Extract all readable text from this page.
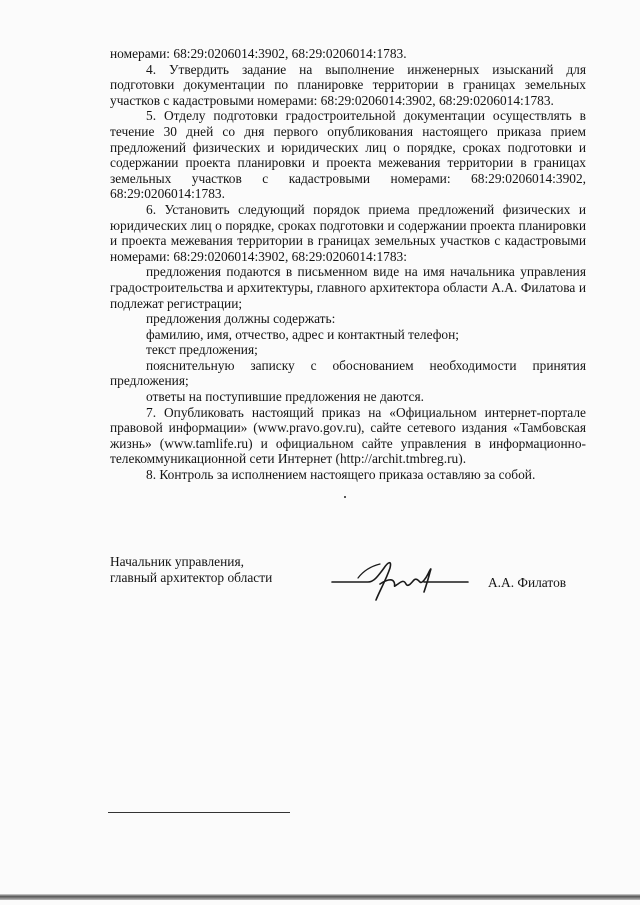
номерами: 68:29:0206014:3902, 68:29:0206014:1783.

4. Утвердить задание на выполнение инженерных изысканий для подготовки документации по планировке территории в границах земельных участков с кадастровыми номерами: 68:29:0206014:3902, 68:29:0206014:1783.

5. Отделу подготовки градостроительной документации осуществлять в течение 30 дней со дня первого опубликования настоящего приказа прием предложений физических и юридических лиц о порядке, сроках подготовки и содержании проекта планировки и проекта межевания территории в границах земельных участков с кадастровыми номерами: 68:29:0206014:3902, 68:29:0206014:1783.

6. Установить следующий порядок приема предложений физических и юридических лиц о порядке, сроках подготовки и содержании проекта планировки и проекта межевания территории в границах земельных участков с кадастровыми номерами: 68:29:0206014:3902, 68:29:0206014:1783:

предложения подаются в письменном виде на имя начальника управления градостроительства и архитектуры, главного архитектора области А.А. Филатова и подлежат регистрации;

предложения должны содержать:

фамилию, имя, отчество, адрес и контактный телефон;

текст предложения;

пояснительную записку с обоснованием необходимости принятия предложения;

ответы на поступившие предложения не даются.

7. Опубликовать настоящий приказ на «Официальном интернет-портале правовой информации» (www.pravo.gov.ru), сайте сетевого издания «Тамбовская жизнь» (www.tamlife.ru) и официальном сайте управления в информационно-телекоммуникационной сети Интернет (http://archit.tmbreg.ru).

8. Контроль за исполнением настоящего приказа оставляю за собой.

Начальник управления,
главный архитектор области	А.А. Филатов
